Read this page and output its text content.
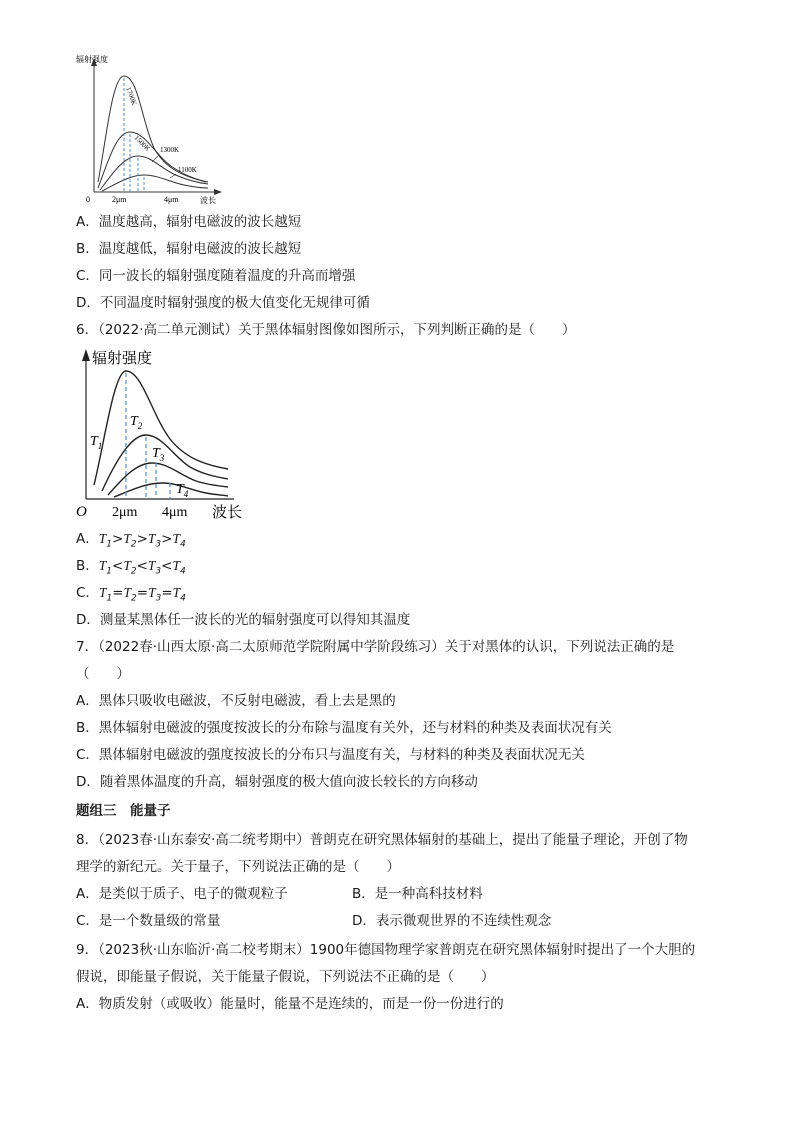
辐射强度
波长
0	2μm	4μm
1700K
1500K 1300K
1100K
A．温度越高，辐射电磁波的波长越短
B．温度越低，辐射电磁波的波长越短
C．同一波长的辐射强度随着温度的升高而增强
D．不同温度时辐射强度的极大值变化无规律可循
6．（2022·高二单元测试）关于黑体辐射图像如图所示，下列判断正确的是（　　）
辐射强度
波长
O 2μm 4μm
$T_1$
$T_2$
$T_3$
$T_4$
A．$T_1>T_2>T_3>T_4$
B．$T_1<T_2<T_3<T_4$
C．$T_1=T_2=T_3=T_4$
D．测量某黑体任一波长的光的辐射强度可以得知其温度
7．（2022春·山西太原·高二太原师范学院附属中学阶段练习）关于对黑体的认识，下列说法正确的是
（　　）
A．黑体只吸收电磁波，不反射电磁波，看上去是黑的
B．黑体辐射电磁波的强度按波长的分布除与温度有关外，还与材料的种类及表面状况有关
C．黑体辐射电磁波的强度按波长的分布只与温度有关，与材料的种类及表面状况无关
D．随着黑体温度的升高，辐射强度的极大值向波长较长的方向移动
题组三　能量子
8．（2023春·山东泰安·高二统考期中）普朗克在研究黑体辐射的基础上，提出了能量子理论，开创了物
理学的新纪元。关于量子，下列说法正确的是（　　）
A．是类似于质子、电子的微观粒子	B．是一种高科技材料
C．是一个数量级的常量	D．表示微观世界的不连续性观念
9．（2023秋·山东临沂·高二校考期末）1900年德国物理学家普朗克在研究黑体辐射时提出了一个大胆的
假说，即能量子假说，关于能量子假说，下列说法不正确的是（　　）
A．物质发射（或吸收）能量时，能量不是连续的，而是一份一份进行的
